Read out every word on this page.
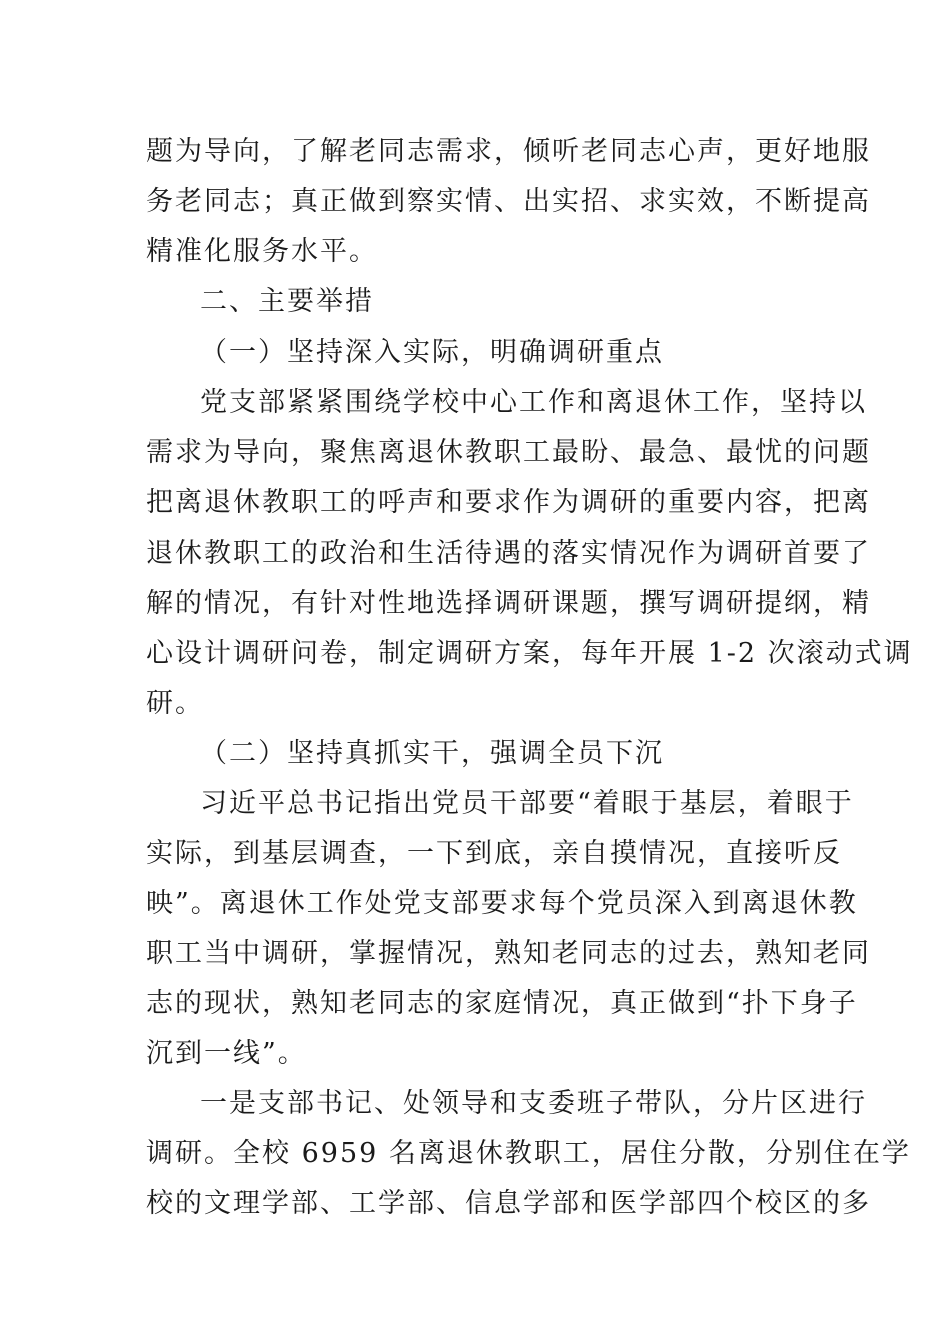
题为导向，了解老同志需求，倾听老同志心声，更好地服
务老同志；真正做到察实情、出实招、求实效，不断提高
精准化服务水平。
二、主要举措
（一）坚持深入实际，明确调研重点
党支部紧紧围绕学校中心工作和离退休工作，坚持以
需求为导向，聚焦离退休教职工最盼、最急、最忧的问题
把离退休教职工的呼声和要求作为调研的重要内容，把离
退休教职工的政治和生活待遇的落实情况作为调研首要了
解的情况，有针对性地选择调研课题，撰写调研提纲，精
心设计调研问卷，制定调研方案，每年开展 1-2 次滚动式调
研。
（二）坚持真抓实干，强调全员下沉
习近平总书记指出党员干部要“着眼于基层，着眼于
实际，到基层调查，一下到底，亲自摸情况，直接听反
映”。离退休工作处党支部要求每个党员深入到离退休教
职工当中调研，掌握情况，熟知老同志的过去，熟知老同
志的现状，熟知老同志的家庭情况，真正做到“扑下身子
沉到一线”。
一是支部书记、处领导和支委班子带队，分片区进行
调研。全校 6959 名离退休教职工，居住分散，分别住在学
校的文理学部、工学部、信息学部和医学部四个校区的多
